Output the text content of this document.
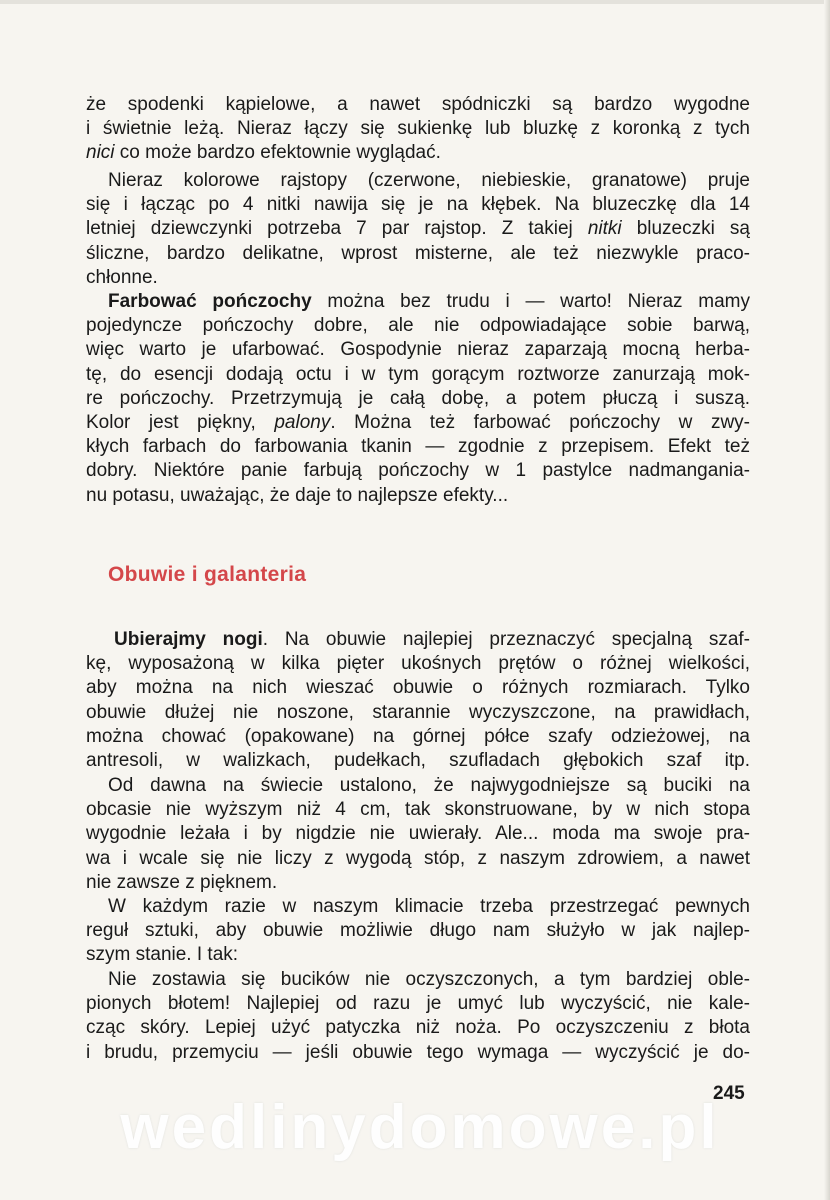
że spodenki kąpielowe, a nawet spódniczki są bardzo wygodne
i świetnie leżą. Nieraz łączy się sukienkę lub bluzkę z koronką z tych
nici co może bardzo efektownie wyglądać.

Nieraz kolorowe rajstopy (czerwone, niebieskie, granatowe) pruje
się i łącząc po 4 nitki nawija się je na kłębek. Na bluzeczkę dla 14
letniej dziewczynki potrzeba 7 par rajstop. Z takiej nitki bluzeczki są
śliczne, bardzo delikatne, wprost misterne, ale też niezwykle praco-
chłonne.

Farbować pończochy można bez trudu i — warto! Nieraz mamy
pojedyncze pończochy dobre, ale nie odpowiadające sobie barwą,
więc warto je ufarbować. Gospodynie nieraz zaparzają mocną herba-
tę, do esencji dodają octu i w tym gorącym roztworze zanurzają mok-
re pończochy. Przetrzymują je całą dobę, a potem płuczą i suszą.
Kolor jest piękny, palony. Można też farbować pończochy w zwy-
kłych farbach do farbowania tkanin — zgodnie z przepisem. Efekt też
dobry. Niektóre panie farbują pończochy w 1 pastylce nadmangania-
nu potasu, uważając, że daje to najlepsze efekty...

Obuwie i galanteria

Ubierajmy nogi. Na obuwie najlepiej przeznaczyć specjalną szaf-
kę, wyposażoną w kilka pięter ukośnych prętów o różnej wielkości,
aby można na nich wieszać obuwie o różnych rozmiarach. Tylko
obuwie dłużej nie noszone, starannie wyczyszczone, na prawidłach,
można chować (opakowane) na górnej półce szafy odzieżowej, na
antresoli, w walizkach, pudełkach, szufladach głębokich szaf itp.

Od dawna na świecie ustalono, że najwygodniejsze są buciki na
obcasie nie wyższym niż 4 cm, tak skonstruowane, by w nich stopa
wygodnie leżała i by nigdzie nie uwierały. Ale... moda ma swoje pra-
wa i wcale się nie liczy z wygodą stóp, z naszym zdrowiem, a nawet
nie zawsze z pięknem.

W każdym razie w naszym klimacie trzeba przestrzegać pewnych
reguł sztuki, aby obuwie możliwie długo nam służyło w jak najlep-
szym stanie. I tak:

Nie zostawia się bucików nie oczyszczonych, a tym bardziej oble-
pionych błotem! Najlepiej od razu je umyć lub wyczyścić, nie kale-
cząc skóry. Lepiej użyć patyczka niż noża. Po oczyszczeniu z błota
i brudu, przemyciu — jeśli obuwie tego wymaga — wyczyścić je do-

245
wedlinydomowe.pl
